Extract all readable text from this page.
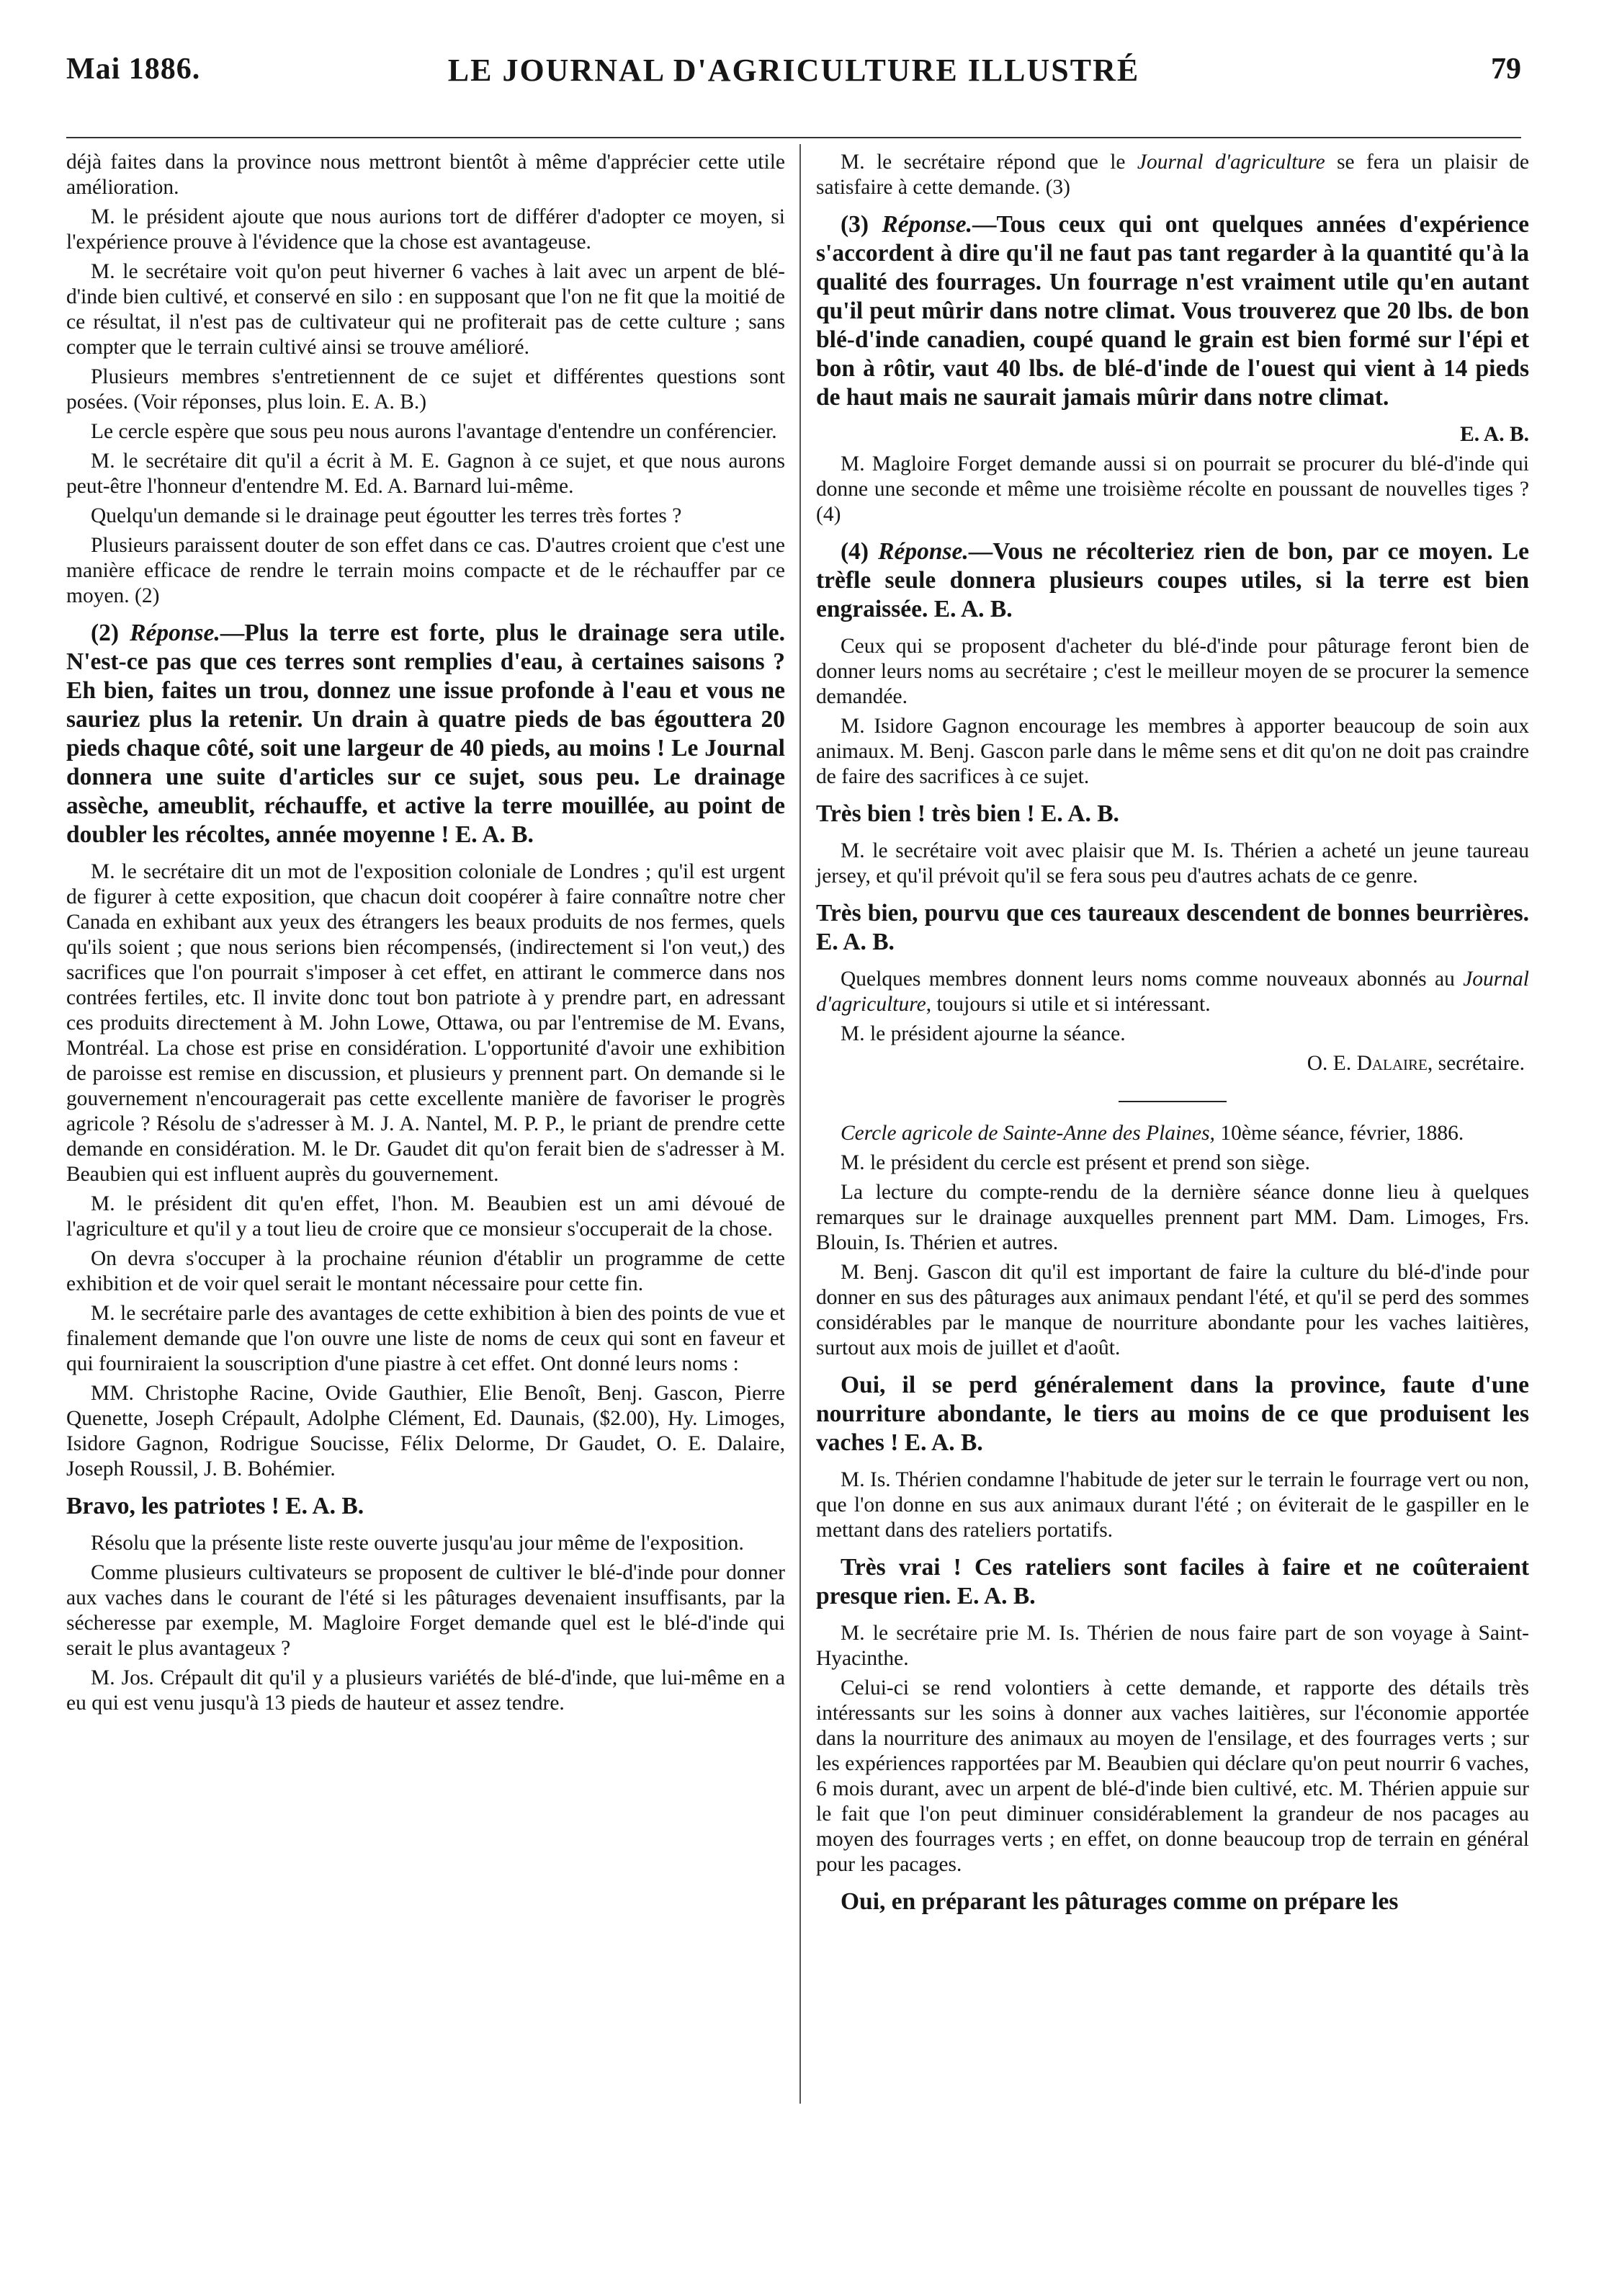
Mai 1886.	LE JOURNAL D'AGRICULTURE ILLUSTRÉ	79

déjà faites dans la province nous mettront bientôt à même d'apprécier cette utile amélioration.

M. le président ajoute que nous aurions tort de différer d'adopter ce moyen, si l'expérience prouve à l'évidence que la chose est avantageuse.

M. le secrétaire voit qu'on peut hiverner 6 vaches à lait avec un arpent de blé-d'inde bien cultivé, et conservé en silo : en supposant que l'on ne fit que la moitié de ce résultat, il n'est pas de cultivateur qui ne profiterait pas de cette culture ; sans compter que le terrain cultivé ainsi se trouve amélioré.

Plusieurs membres s'entretiennent de ce sujet et différentes questions sont posées. (Voir réponses, plus loin. E. A. B.)

Le cercle espère que sous peu nous aurons l'avantage d'entendre un conférencier.

M. le secrétaire dit qu'il a écrit à M. E. Gagnon à ce sujet, et que nous aurons peut-être l'honneur d'entendre M. Ed. A. Barnard lui-même.

Quelqu'un demande si le drainage peut égoutter les terres très fortes ?

Plusieurs paraissent douter de son effet dans ce cas. D'autres croient que c'est une manière efficace de rendre le terrain moins compacte et de le réchauffer par ce moyen. (2)

(2) Réponse.—Plus la terre est forte, plus le drainage sera utile. N'est-ce pas que ces terres sont remplies d'eau, à certaines saisons ? Eh bien, faites un trou, donnez une issue profonde à l'eau et vous ne sauriez plus la retenir. Un drain à quatre pieds de bas égouttera 20 pieds chaque côté, soit une largeur de 40 pieds, au moins ! Le Journal donnera une suite d'articles sur ce sujet, sous peu. Le drainage assèche, ameublit, réchauffe, et active la terre mouillée, au point de doubler les récoltes, année moyenne ! E. A. B.

M. le secrétaire dit un mot de l'exposition coloniale de Londres ; qu'il est urgent de figurer à cette exposition, que chacun doit coopérer à faire connaître notre cher Canada en exhibant aux yeux des étrangers les beaux produits de nos fermes, quels qu'ils soient ; que nous serions bien récompensés, (indirectement si l'on veut,) des sacrifices que l'on pourrait s'imposer à cet effet, en attirant le commerce dans nos contrées fertiles, etc. Il invite donc tout bon patriote à y prendre part, en adressant ces produits directement à M. John Lowe, Ottawa, ou par l'entremise de M. Evans, Montréal. La chose est prise en considération. L'opportunité d'avoir une exhibition de paroisse est remise en discussion, et plusieurs y prennent part. On demande si le gouvernement n'encouragerait pas cette excellente manière de favoriser le progrès agricole ? Résolu de s'adresser à M. J. A. Nantel, M. P. P., le priant de prendre cette demande en considération. M. le Dr. Gaudet dit qu'on ferait bien de s'adresser à M. Beaubien qui est influent auprès du gouvernement.

M. le président dit qu'en effet, l'hon. M. Beaubien est un ami dévoué de l'agriculture et qu'il y a tout lieu de croire que ce monsieur s'occuperait de la chose.

On devra s'occuper à la prochaine réunion d'établir un programme de cette exhibition et de voir quel serait le montant nécessaire pour cette fin.

M. le secrétaire parle des avantages de cette exhibition à bien des points de vue et finalement demande que l'on ouvre une liste de noms de ceux qui sont en faveur et qui fourniraient la souscription d'une piastre à cet effet. Ont donné leurs noms :

MM. Christophe Racine, Ovide Gauthier, Elie Benoît, Benj. Gascon, Pierre Quenette, Joseph Crépault, Adolphe Clément, Ed. Daunais, ($2.00), Hy. Limoges, Isidore Gagnon, Rodrigue Soucisse, Félix Delorme, Dr Gaudet, O. E. Dalaire, Joseph Roussil, J. B. Bohémier.

Bravo, les patriotes ! E. A. B.

Résolu que la présente liste reste ouverte jusqu'au jour même de l'exposition.

Comme plusieurs cultivateurs se proposent de cultiver le blé-d'inde pour donner aux vaches dans le courant de l'été si les pâturages devenaient insuffisants, par la sécheresse par exemple, M. Magloire Forget demande quel est le blé-d'inde qui serait le plus avantageux ?

M. Jos. Crépault dit qu'il y a plusieurs variétés de blé-d'inde, que lui-même en a eu qui est venu jusqu'à 13 pieds de hauteur et assez tendre.

M. le secrétaire répond que le Journal d'agriculture se fera un plaisir de satisfaire à cette demande. (3)

(3) Réponse.—Tous ceux qui ont quelques années d'expérience s'accordent à dire qu'il ne faut pas tant regarder à la quantité qu'à la qualité des fourrages. Un fourrage n'est vraiment utile qu'en autant qu'il peut mûrir dans notre climat. Vous trouverez que 20 lbs. de bon blé-d'inde canadien, coupé quand le grain est bien formé sur l'épi et bon à rôtir, vaut 40 lbs. de blé-d'inde de l'ouest qui vient à 14 pieds de haut mais ne saurait jamais mûrir dans notre climat.

E. A. B.

M. Magloire Forget demande aussi si on pourrait se procurer du blé-d'inde qui donne une seconde et même une troisième récolte en poussant de nouvelles tiges ? (4)

(4) Réponse.—Vous ne récolteriez rien de bon, par ce moyen. Le trèfle seule donnera plusieurs coupes utiles, si la terre est bien engraissée. E. A. B.

Ceux qui se proposent d'acheter du blé-d'inde pour pâturage feront bien de donner leurs noms au secrétaire ; c'est le meilleur moyen de se procurer la semence demandée.

M. Isidore Gagnon encourage les membres à apporter beaucoup de soin aux animaux. M. Benj. Gascon parle dans le même sens et dit qu'on ne doit pas craindre de faire des sacrifices à ce sujet.

Très bien ! très bien ! E. A. B.

M. le secrétaire voit avec plaisir que M. Is. Thérien a acheté un jeune taureau jersey, et qu'il prévoit qu'il se fera sous peu d'autres achats de ce genre.

Très bien, pourvu que ces taureaux descendent de bonnes beurrières. E. A. B.

Quelques membres donnent leurs noms comme nouveaux abonnés au Journal d'agriculture, toujours si utile et si intéressant.

M. le président ajourne la séance.

O. E. Dalaire, secrétaire.

Cercle agricole de Sainte-Anne des Plaines, 10ème séance, février, 1886.

M. le président du cercle est présent et prend son siège.

La lecture du compte-rendu de la dernière séance donne lieu à quelques remarques sur le drainage auxquelles prennent part MM. Dam. Limoges, Frs. Blouin, Is. Thérien et autres.

M. Benj. Gascon dit qu'il est important de faire la culture du blé-d'inde pour donner en sus des pâturages aux animaux pendant l'été, et qu'il se perd des sommes considérables par le manque de nourriture abondante pour les vaches laitières, surtout aux mois de juillet et d'août.

Oui, il se perd généralement dans la province, faute d'une nourriture abondante, le tiers au moins de ce que produisent les vaches ! E. A. B.

M. Is. Thérien condamne l'habitude de jeter sur le terrain le fourrage vert ou non, que l'on donne en sus aux animaux durant l'été ; on éviterait de le gaspiller en le mettant dans des rateliers portatifs.

Très vrai ! Ces rateliers sont faciles à faire et ne coûteraient presque rien. E. A. B.

M. le secrétaire prie M. Is. Thérien de nous faire part de son voyage à Saint-Hyacinthe.

Celui-ci se rend volontiers à cette demande, et rapporte des détails très intéressants sur les soins à donner aux vaches laitières, sur l'économie apportée dans la nourriture des animaux au moyen de l'ensilage, et des fourrages verts ; sur les expériences rapportées par M. Beaubien qui déclare qu'on peut nourrir 6 vaches, 6 mois durant, avec un arpent de blé-d'inde bien cultivé, etc. M. Thérien appuie sur le fait que l'on peut diminuer considérablement la grandeur de nos pacages au moyen des fourrages verts ; en effet, on donne beaucoup trop de terrain en général pour les pacages.

Oui, en préparant les pâturages comme on prépare les
